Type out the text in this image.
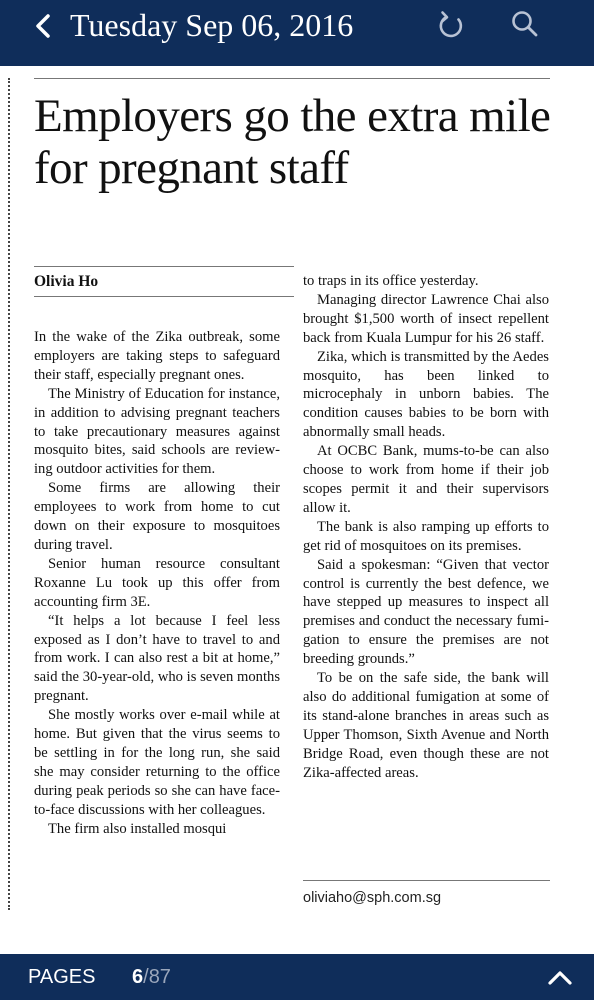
Tuesday Sep 06, 2016
Employers go the extra mile for pregnant staff
Olivia Ho

In the wake of the Zika outbreak, some employers are taking steps to safeguard their staff, especially pregnant ones.

The Ministry of Education for instance, in addition to advising pregnant teachers to take precautionary measures against mosquito bites, said schools are reviewing outdoor activities for them.

Some firms are allowing their employees to work from home to cut down on their exposure to mosquitoes during travel.

Senior human resource consultant Roxanne Lu took up this offer from accounting firm 3E.

“It helps a lot because I feel less exposed as I don’t have to travel to and from work. I can also rest a bit at home,” said the 30-year-old, who is seven months pregnant.

She mostly works over e-mail while at home. But given that the virus seems to be settling in for the long run, she said she may consider returning to the office during peak periods so she can have face-to-face discussions with her colleagues.

The firm also installed mosqui

to traps in its office yesterday.

Managing director Lawrence Chai also brought $1,500 worth of insect repellent back from Kuala Lumpur for his 26 staff.

Zika, which is transmitted by the Aedes mosquito, has been linked to microcephaly in unborn babies. The condition causes babies to be born with abnormally small heads.

At OCBC Bank, mums-to-be can also choose to work from home if their job scopes permit it and their supervisors allow it.

The bank is also ramping up efforts to get rid of mosquitoes on its premises.

Said a spokesman: “Given that vector control is currently the best defence, we have stepped up measures to inspect all premises and conduct the necessary fumigation to ensure the premises are not breeding grounds.”

To be on the safe side, the bank will also do additional fumigation at some of its stand-alone branches in areas such as Upper Thomson, Sixth Avenue and North Bridge Road, even though these are not Zika-affected areas.

oliviaho@sph.com.sg
PAGES 6/87
